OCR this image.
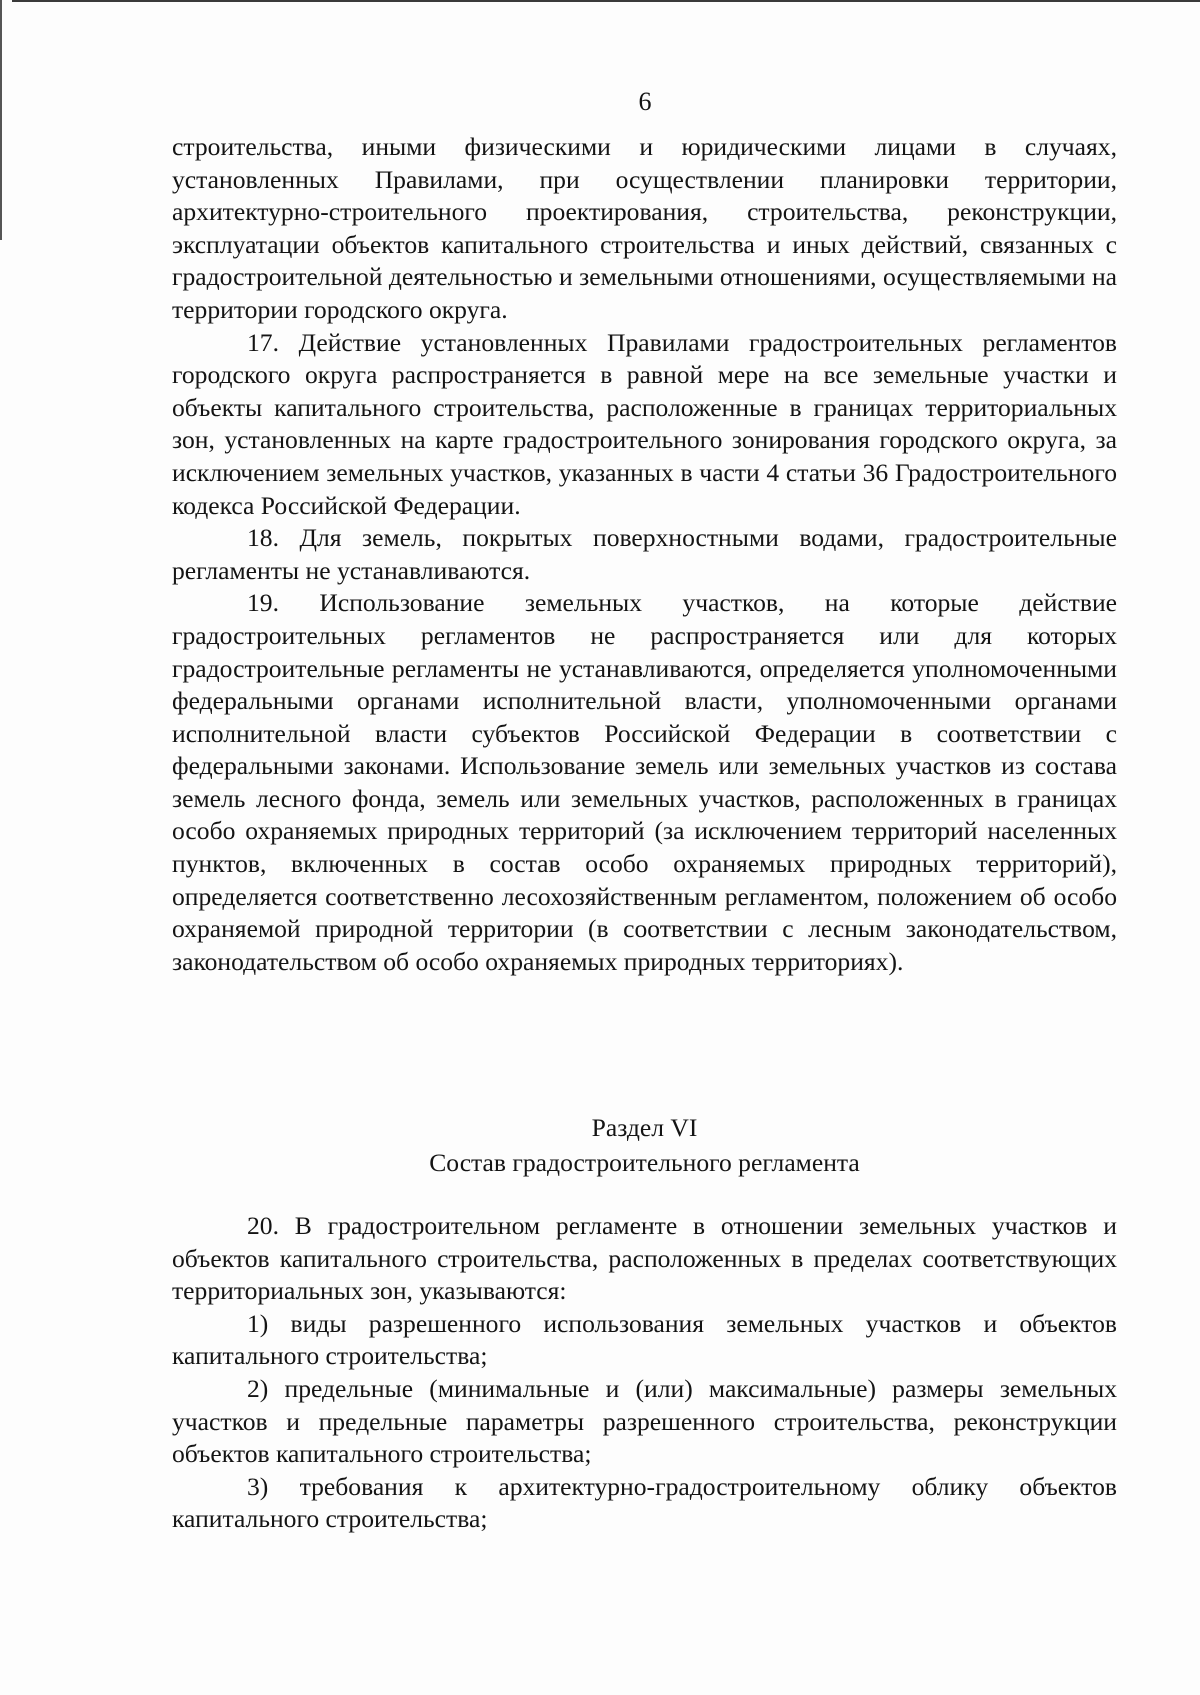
6

строительства, иными физическими и юридическими лицами в случаях, установленных Правилами, при осуществлении планировки территории, архитектурно-строительного проектирования, строительства, реконструкции, эксплуатации объектов капитального строительства и иных действий, связанных с градостроительной деятельностью и земельными отношениями, осуществляемыми на территории городского округа.

17. Действие установленных Правилами градостроительных регламентов городского округа распространяется в равной мере на все земельные участки и объекты капитального строительства, расположенные в границах территориальных зон, установленных на карте градостроительного зонирования городского округа, за исключением земельных участков, указанных в части 4 статьи 36 Градостроительного кодекса Российской Федерации.

18. Для земель, покрытых поверхностными водами, градостроительные регламенты не устанавливаются.

19. Использование земельных участков, на которые действие градостроительных регламентов не распространяется или для которых градостроительные регламенты не устанавливаются, определяется уполномоченными федеральными органами исполнительной власти, уполномоченными органами исполнительной власти субъектов Российской Федерации в соответствии с федеральными законами. Использование земель или земельных участков из состава земель лесного фонда, земель или земельных участков, расположенных в границах особо охраняемых природных территорий (за исключением территорий населенных пунктов, включенных в состав особо охраняемых природных территорий), определяется соответственно лесохозяйственным регламентом, положением об особо охраняемой природной территории (в соответствии с лесным законодательством, законодательством об особо охраняемых природных территориях).

Раздел VI
Состав градостроительного регламента

20. В градостроительном регламенте в отношении земельных участков и объектов капитального строительства, расположенных в пределах соответствующих территориальных зон, указываются:

1) виды разрешенного использования земельных участков и объектов капитального строительства;

2) предельные (минимальные и (или) максимальные) размеры земельных участков и предельные параметры разрешенного строительства, реконструкции объектов капитального строительства;

3) требования к архитектурно-градостроительному облику объектов капитального строительства;
